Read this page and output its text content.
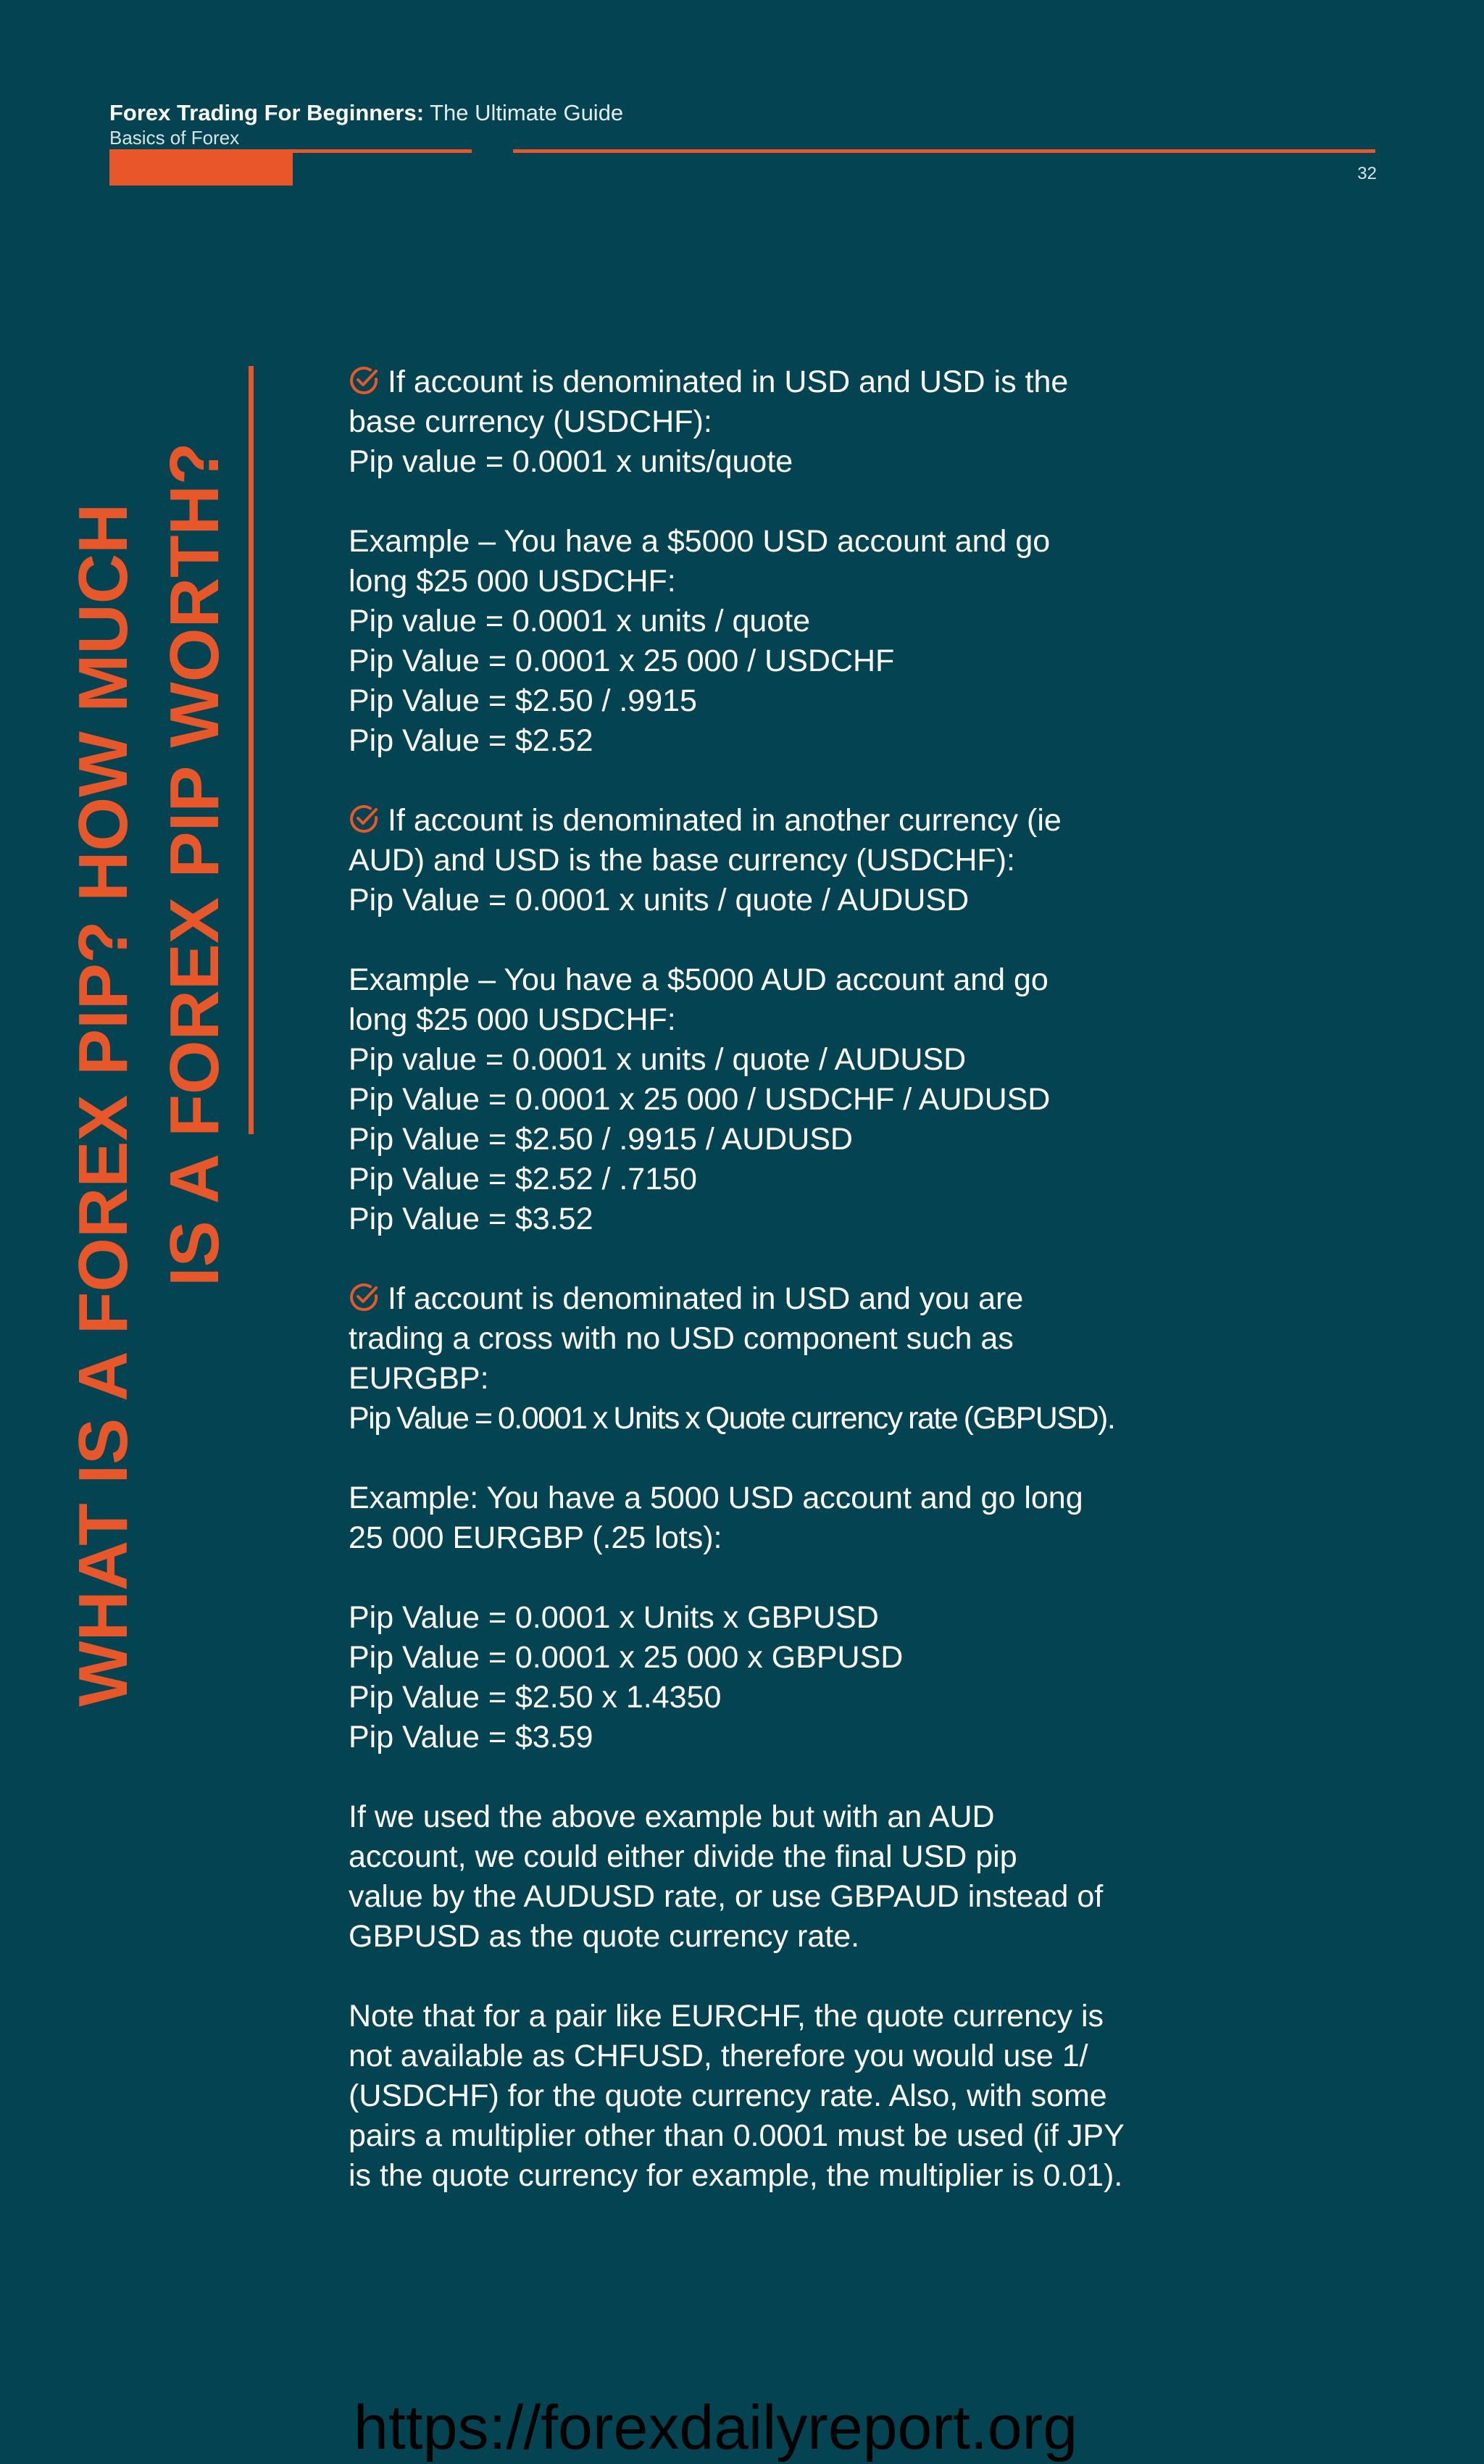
Forex Trading For Beginners: The Ultimate Guide
Basics of Forex
32
WHAT IS A FOREX PIP? HOW MUCH IS A FOREX PIP WORTH?

If account is denominated in USD and USD is the

base currency (USDCHF):

Pip value = 0.0001 x units/quote

Example – You have a $5000 USD account and go

long $25 000 USDCHF:

Pip value = 0.0001 x units / quote

Pip Value = 0.0001 x 25 000 / USDCHF

Pip Value = $2.50 / .9915

Pip Value = $2.52

If account is denominated in another currency (ie

AUD) and USD is the base currency (USDCHF):

Pip Value = 0.0001 x units / quote / AUDUSD

Example – You have a $5000 AUD account and go

long $25 000 USDCHF:

Pip value = 0.0001 x units / quote / AUDUSD

Pip Value = 0.0001 x 25 000 / USDCHF / AUDUSD

Pip Value = $2.50 / .9915 / AUDUSD

Pip Value = $2.52 / .7150

Pip Value = $3.52

If account is denominated in USD and you are

trading a cross with no USD component such as

EURGBP:

Pip Value = 0.0001 x Units x Quote currency rate (GBPUSD).

Example: You have a 5000 USD account and go long

25 000 EURGBP (.25 lots):

Pip Value = 0.0001 x Units x GBPUSD

Pip Value = 0.0001 x 25 000 x GBPUSD

Pip Value = $2.50 x 1.4350

Pip Value = $3.59

If we used the above example but with an AUD

account, we could either divide the final USD pip

value by the AUDUSD rate, or use GBPAUD instead of

GBPUSD as the quote currency rate.

Note that for a pair like EURCHF, the quote currency is

not available as CHFUSD, therefore you would use 1/

(USDCHF) for the quote currency rate. Also, with some

pairs a multiplier other than 0.0001 must be used (if JPY

is the quote currency for example, the multiplier is 0.01).

https://forexdailyreport.org
